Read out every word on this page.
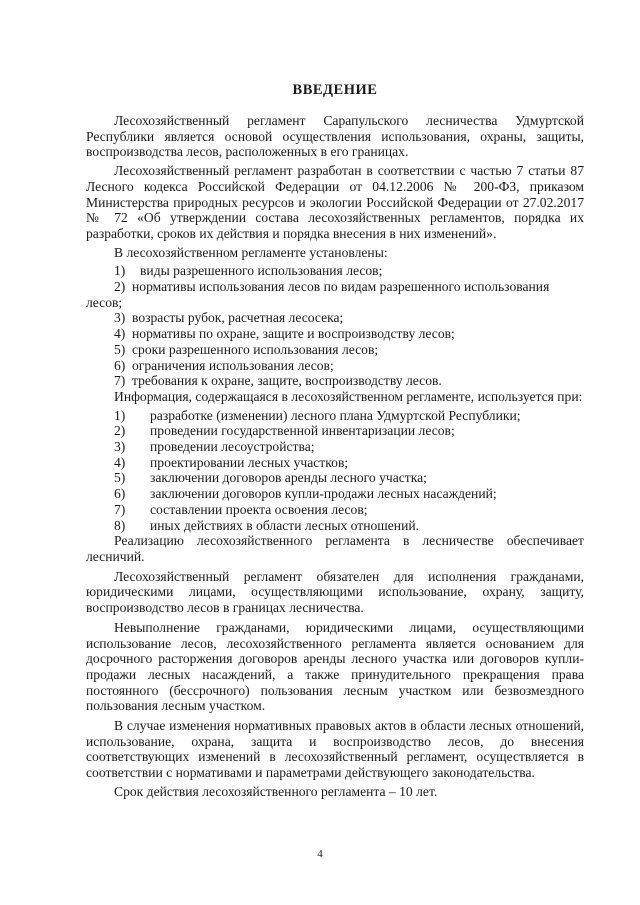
ВВЕДЕНИЕ

Лесохозяйственный регламент Сарапульского лесничества Удмуртской Республики является основой осуществления использования, охраны, защиты, воспроизводства лесов, расположенных в его границах.

Лесохозяйственный регламент разработан в соответствии с частью 7 статьи 87 Лесного кодекса Российской Федерации от 04.12.2006 № 200-ФЗ, приказом Министерства природных ресурсов и экологии Российской Федерации от 27.02.2017 № 72 «Об утверждении состава лесохозяйственных регламентов, порядка их разработки, сроков их действия и порядка внесения в них изменений».

В лесохозяйственном регламенте установлены:

1)	виды разрешенного использования лесов;
2) нормативы использования лесов по видам разрешенного использования
лесов;
3) возрасты рубок, расчетная лесосека;
4) нормативы по охране, защите и воспроизводству лесов;
5) сроки разрешенного использования лесов;
6) ограничения использования лесов;
7) требования к охране, защите, воспроизводству лесов.

Информация, содержащаяся в лесохозяйственном регламенте, используется при:

1)	разработке (изменении) лесного плана Удмуртской Республики;
2)	проведении государственной инвентаризации лесов;
3)	проведении лесоустройства;
4)	проектировании лесных участков;
5)	заключении договоров аренды лесного участка;
6)	заключении договоров купли-продажи лесных насаждений;
7)	составлении проекта освоения лесов;
8)	иных действиях в области лесных отношений.

Реализацию лесохозяйственного регламента в лесничестве обеспечивает лесничий.

Лесохозяйственный регламент обязателен для исполнения гражданами, юридическими лицами, осуществляющими использование, охрану, защиту, воспроизводство лесов в границах лесничества.

Невыполнение гражданами, юридическими лицами, осуществляющими использование лесов, лесохозяйственного регламента является основанием для досрочного расторжения договоров аренды лесного участка или договоров купли-продажи лесных насаждений, а также принудительного прекращения права постоянного (бессрочного) пользования лесным участком или безвозмездного пользования лесным участком.

В случае изменения нормативных правовых актов в области лесных отношений, использование, охрана, защита и воспроизводство лесов, до внесения соответствующих изменений в лесохозяйственный регламент, осуществляется в соответствии с нормативами и параметрами действующего законодательства.

Срок действия лесохозяйственного регламента – 10 лет.

4
